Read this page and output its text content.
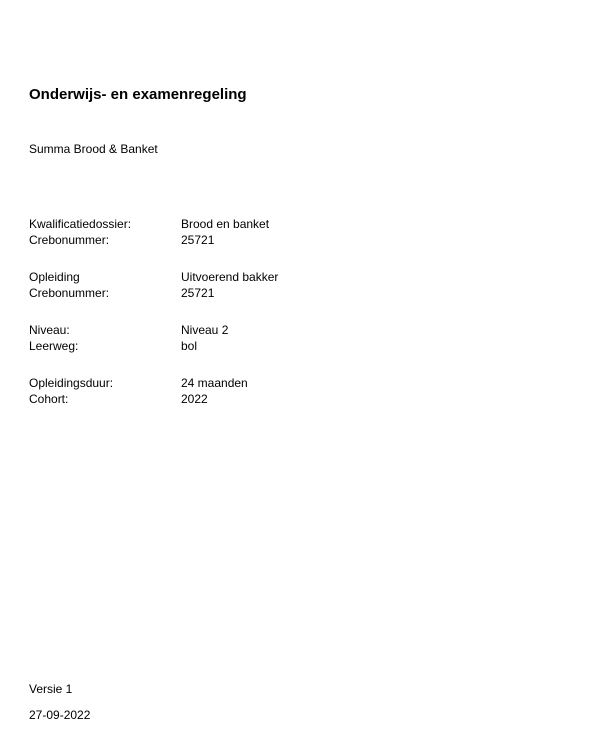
Onderwijs- en examenregeling
Summa Brood & Banket
Kwalificatiedossier:	Brood en banket
Crebonummer:	25721
Opleiding	Uitvoerend bakker
Crebonummer:	25721
Niveau:	Niveau 2
Leerweg:	bol
Opleidingsduur:	24 maanden
Cohort:	2022
Versie 1
27-09-2022
